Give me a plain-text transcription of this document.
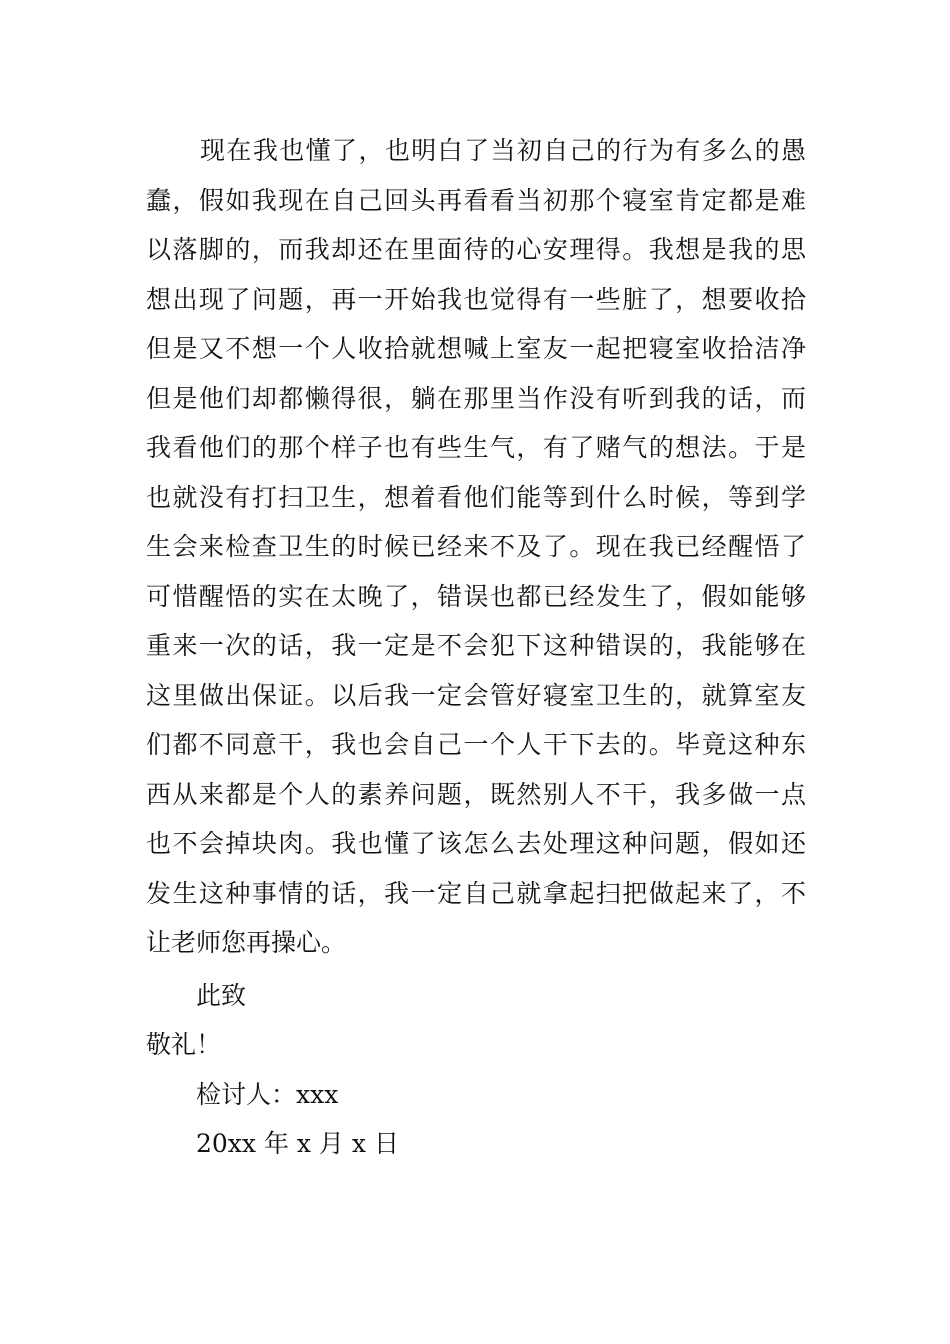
现在我也懂了，也明白了当初自己的行为有多么的愚
蠢，假如我现在自己回头再看看当初那个寝室肯定都是难
以落脚的，而我却还在里面待的心安理得。我想是我的思
想出现了问题，再一开始我也觉得有一些脏了，想要收拾
但是又不想一个人收拾就想喊上室友一起把寝室收拾洁净
但是他们却都懒得很，躺在那里当作没有听到我的话，而
我看他们的那个样子也有些生气，有了赌气的想法。于是
也就没有打扫卫生，想着看他们能等到什么时候，等到学
生会来检查卫生的时候已经来不及了。现在我已经醒悟了
可惜醒悟的实在太晚了，错误也都已经发生了，假如能够
重来一次的话，我一定是不会犯下这种错误的，我能够在
这里做出保证。以后我一定会管好寝室卫生的，就算室友
们都不同意干，我也会自己一个人干下去的。毕竟这种东
西从来都是个人的素养问题，既然别人不干，我多做一点
也不会掉块肉。我也懂了该怎么去处理这种问题，假如还
发生这种事情的话，我一定自己就拿起扫把做起来了，不
让老师您再操心。

此致

敬礼！

检讨人：xxx

20xx 年 x 月 x 日
